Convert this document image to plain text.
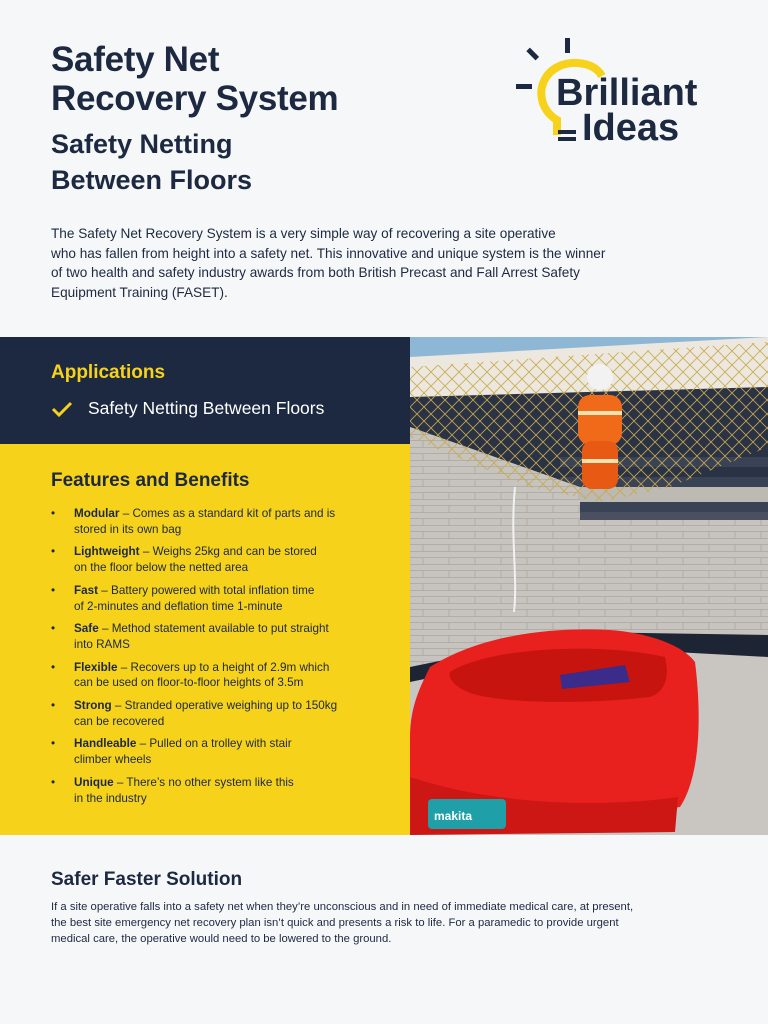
Safety Net
Recovery System
Safety Netting
Between Floors
Brilliant
Ideas

The Safety Net Recovery System is a very simple way of recovering a site operative
who has fallen from height into a safety net. This innovative and unique system is the winner
of two health and safety industry awards from both British Precast and Fall Arrest Safety
Equipment Training (FASET).

Applications
Safety Netting Between Floors
Features and Benefits
• Modular – Comes as a standard kit of parts and is
stored in its own bag
• Lightweight – Weighs 25kg and can be stored
on the floor below the netted area
• Fast – Battery powered with total inflation time
of 2-minutes and deflation time 1-minute
• Safe – Method statement available to put straight
into RAMS
• Flexible – Recovers up to a height of 2.9m which
can be used on floor-to-floor heights of 3.5m
• Strong – Stranded operative weighing up to 150kg
can be recovered
• Handleable – Pulled on a trolley with stair
climber wheels
• Unique – There’s no other system like this
in the industry
makita
Safer Faster Solution

If a site operative falls into a safety net when they’re unconscious and in need of immediate medical care, at present,
the best site emergency net recovery plan isn’t quick and presents a risk to life. For a paramedic to provide urgent
medical care, the operative would need to be lowered to the ground.
